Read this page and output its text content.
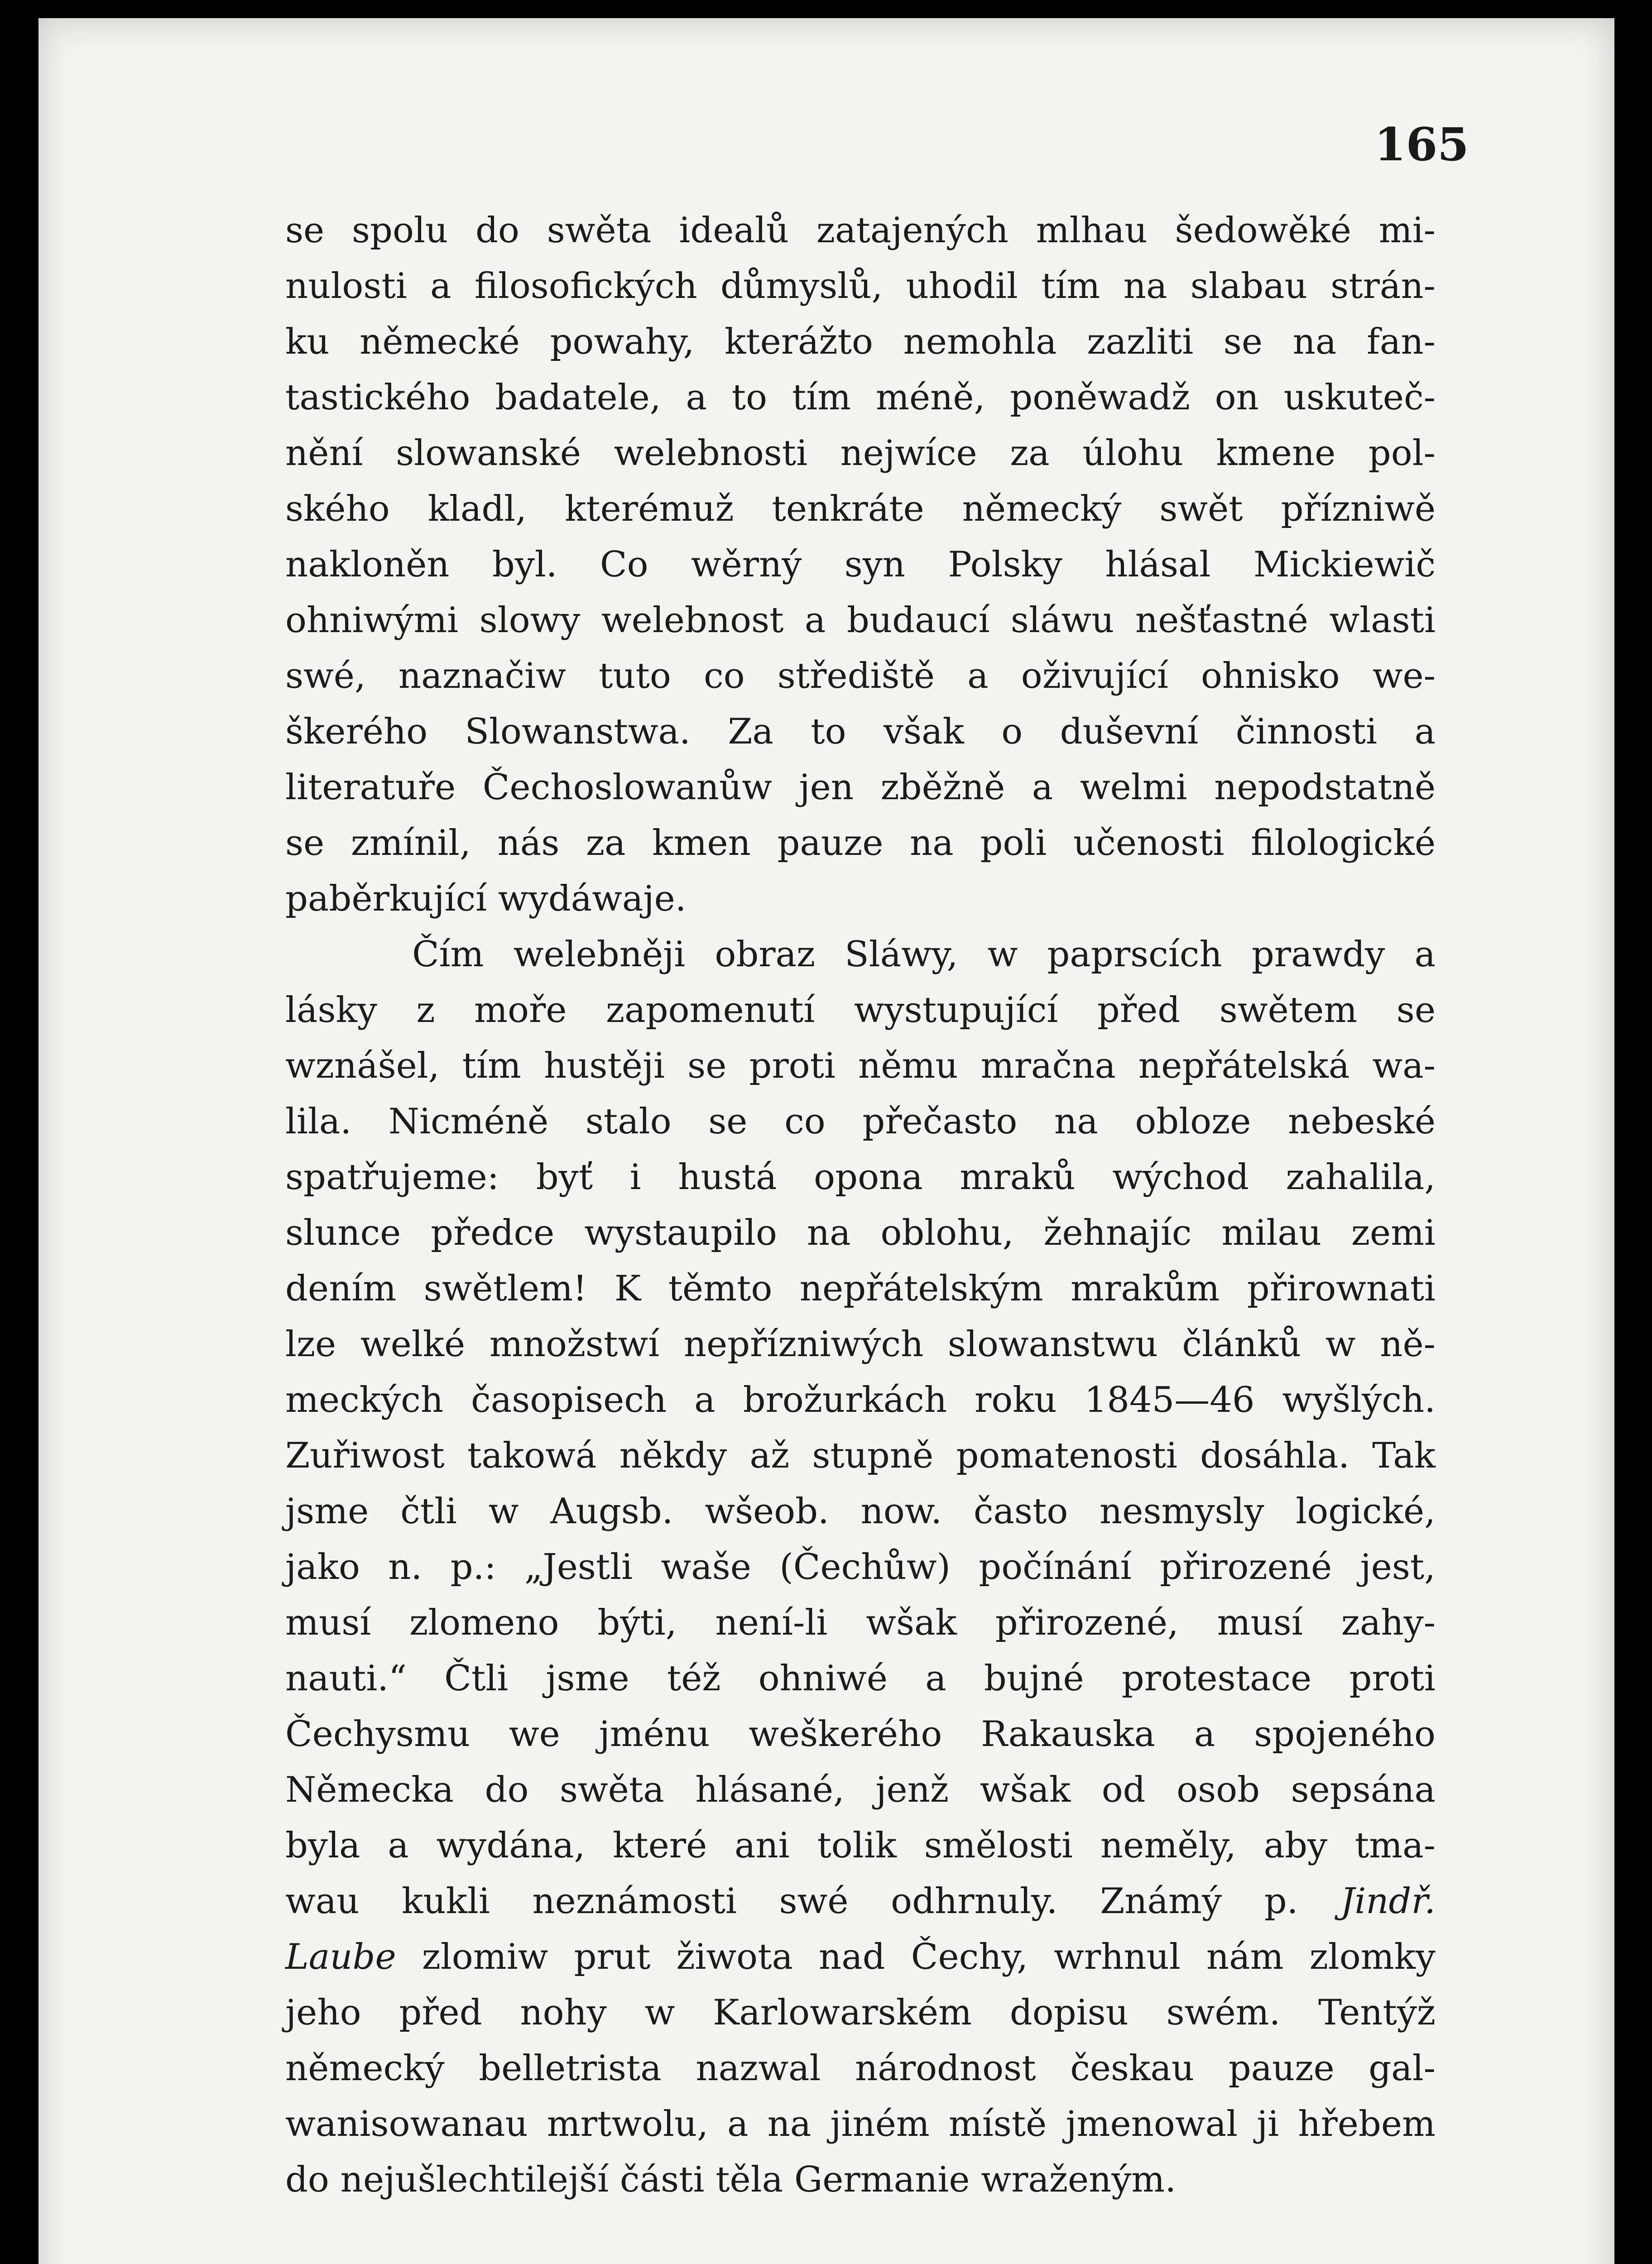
165
se spolu do swěta idealů zatajených mlhau šedowěké mi-
nulosti a filosofických důmyslů, uhodil tím na slabau strán-
ku německé powahy, kterážto nemohla zazliti se na fan-
tastického badatele, a to tím méně, poněwadž on uskuteč-
nění slowanské welebnosti nejwíce za úlohu kmene pol-
ského kladl, kterémuž tenkráte německý swět přízniwě
nakloněn byl. Co wěrný syn Polsky hlásal Mickiewič
ohniwými slowy welebnost a budaucí sláwu nešťastné wlasti
swé, naznačiw tuto co střediště a oživující ohnisko we-
škerého Slowanstwa. Za to však o duševní činnosti a
literatuře Čechoslowanůw jen zběžně a welmi nepodstatně
se zmínil, nás za kmen pauze na poli učenosti filologické
paběrkující wydáwaje.
Čím welebněji obraz Sláwy, w paprscích prawdy a
lásky z moře zapomenutí wystupující před swětem se
wznášel, tím hustěji se proti němu mračna nepřátelská wa-
lila. Nicméně stalo se co přečasto na obloze nebeské
spatřujeme: byť i hustá opona mraků wýchod zahalila,
slunce předce wystaupilo na oblohu, žehnajíc milau zemi
dením swětlem! K těmto nepřátelským mrakům přirownati
lze welké množstwí nepřízniwých slowanstwu článků w ně-
meckých časopisech a brožurkách roku 1845—46 wyšlých.
Zuřiwost takowá někdy až stupně pomatenosti dosáhla. Tak
jsme čtli w Augsb. wšeob. now. často nesmysly logické,
jako n. p.: „Jestli waše (Čechůw) počínání přirozené jest,
musí zlomeno býti, není-li wšak přirozené, musí zahy-
nauti.“ Čtli jsme též ohniwé a bujné protestace proti
Čechysmu we jménu weškerého Rakauska a spojeného
Německa do swěta hlásané, jenž wšak od osob sepsána
byla a wydána, které ani tolik smělosti neměly, aby tma-
wau kukli neznámosti swé odhrnuly. Známý p. Jindř.
Laube zlomiw prut žiwota nad Čechy, wrhnul nám zlomky
jeho před nohy w Karlowarském dopisu swém. Tentýž
německý belletrista nazwal národnost českau pauze gal-
wanisowanau mrtwolu, a na jiném místě jmenowal ji hřebem
do nejušlechtilejší části těla Germanie wraženým.
